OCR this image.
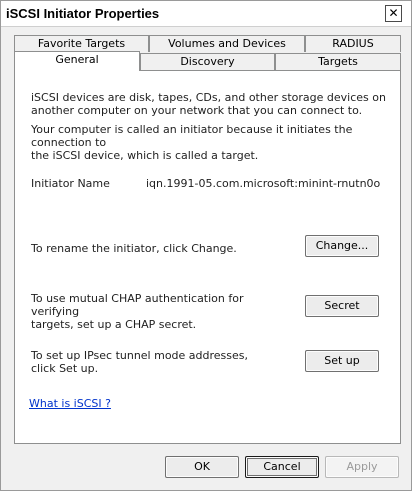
iSCSI Initiator Properties	✕
Favorite Targets	Volumes and Devices	RADIUS
General	Discovery	Targets
iSCSI devices are disk, tapes, CDs, and other storage devices on
another computer on your network that you can connect to.
Your computer is called an initiator because it initiates the connection to
the iSCSI device, which is called a target.
Initiator Name	iqn.1991-05.com.microsoft:minint-rnutn0o
To rename the initiator, click Change.	Change...
To use mutual CHAP authentication for verifying
targets, set up a CHAP secret.
Secret
To set up IPsec tunnel mode addresses,
click Set up.
Set up
What is iSCSI ?
OK	Cancel	Apply
